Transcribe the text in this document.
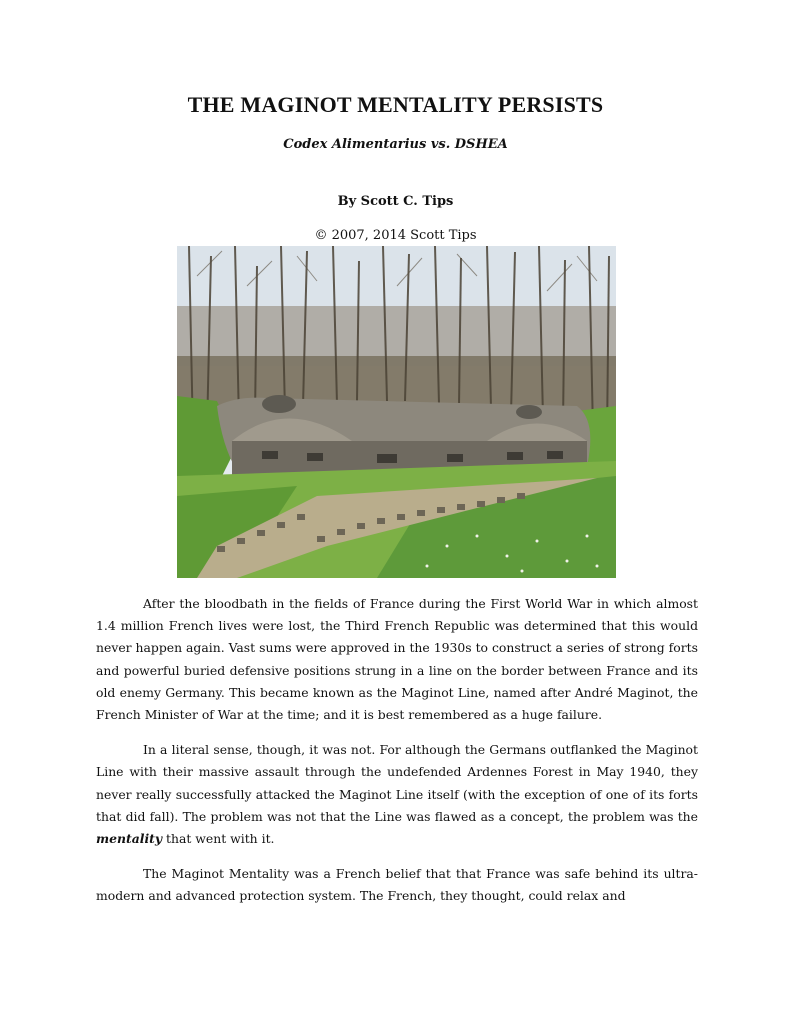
THE MAGINOT MENTALITY PERSISTS
Codex Alimentarius vs. DSHEA
By Scott C. Tips
© 2007, 2014 Scott Tips

After the bloodbath in the fields of France during the First World War in which almost 1.4 million French lives were lost, the Third French Republic was determined that this would never happen again. Vast sums were approved in the 1930s to construct a series of strong forts and powerful buried defensive positions strung in a line on the border between France and its old enemy Germany. This became known as the Maginot Line, named after André Maginot, the French Minister of War at the time; and it is best remembered as a huge failure.

In a literal sense, though, it was not. For although the Germans outflanked the Maginot Line with their massive assault through the undefended Ardennes Forest in May 1940, they never really successfully attacked the Maginot Line itself (with the exception of one of its forts that did fall). The problem was not that the Line was flawed as a concept, the problem was the mentality that went with it.

The Maginot Mentality was a French belief that that France was safe behind its ultra-modern and advanced protection system. The French, they thought, could relax and
